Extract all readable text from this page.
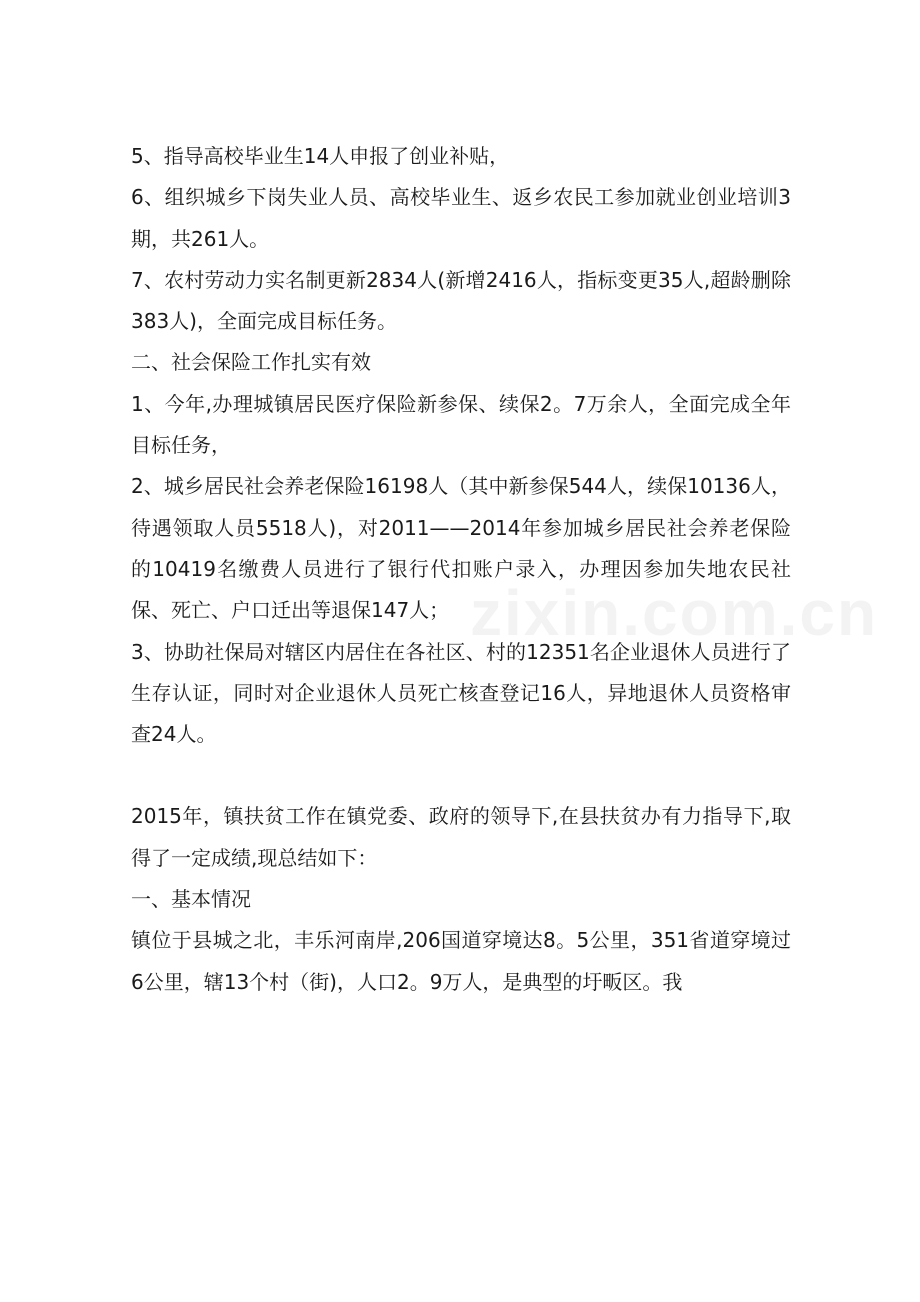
5、指导高校毕业生14人申报了创业补贴，

6、组织城乡下岗失业人员、高校毕业生、返乡农民工参加就业创业培训3期，共261人。

7、农村劳动力实名制更新2834人(新增2416人，指标变更35人,超龄删除383人)，全面完成目标任务。

二、社会保险工作扎实有效

1、今年,办理城镇居民医疗保险新参保、续保2。7万余人，全面完成全年目标任务，

2、城乡居民社会养老保险16198人（其中新参保544人，续保10136人，待遇领取人员5518人)，对2011——2014年参加城乡居民社会养老保险的10419名缴费人员进行了银行代扣账户录入，办理因参加失地农民社保、死亡、户口迁出等退保147人；

3、协助社保局对辖区内居住在各社区、村的12351名企业退休人员进行了生存认证，同时对企业退休人员死亡核查登记16人，异地退休人员资格审查24人。

2015年，镇扶贫工作在镇党委、政府的领导下,在县扶贫办有力指导下,取得了一定成绩,现总结如下：

一、基本情况

镇位于县城之北，丰乐河南岸,206国道穿境达8。5公里，351省道穿境过6公里，辖13个村（街)，人口2。9万人，是典型的圩畈区。我

zixin.com.cn
